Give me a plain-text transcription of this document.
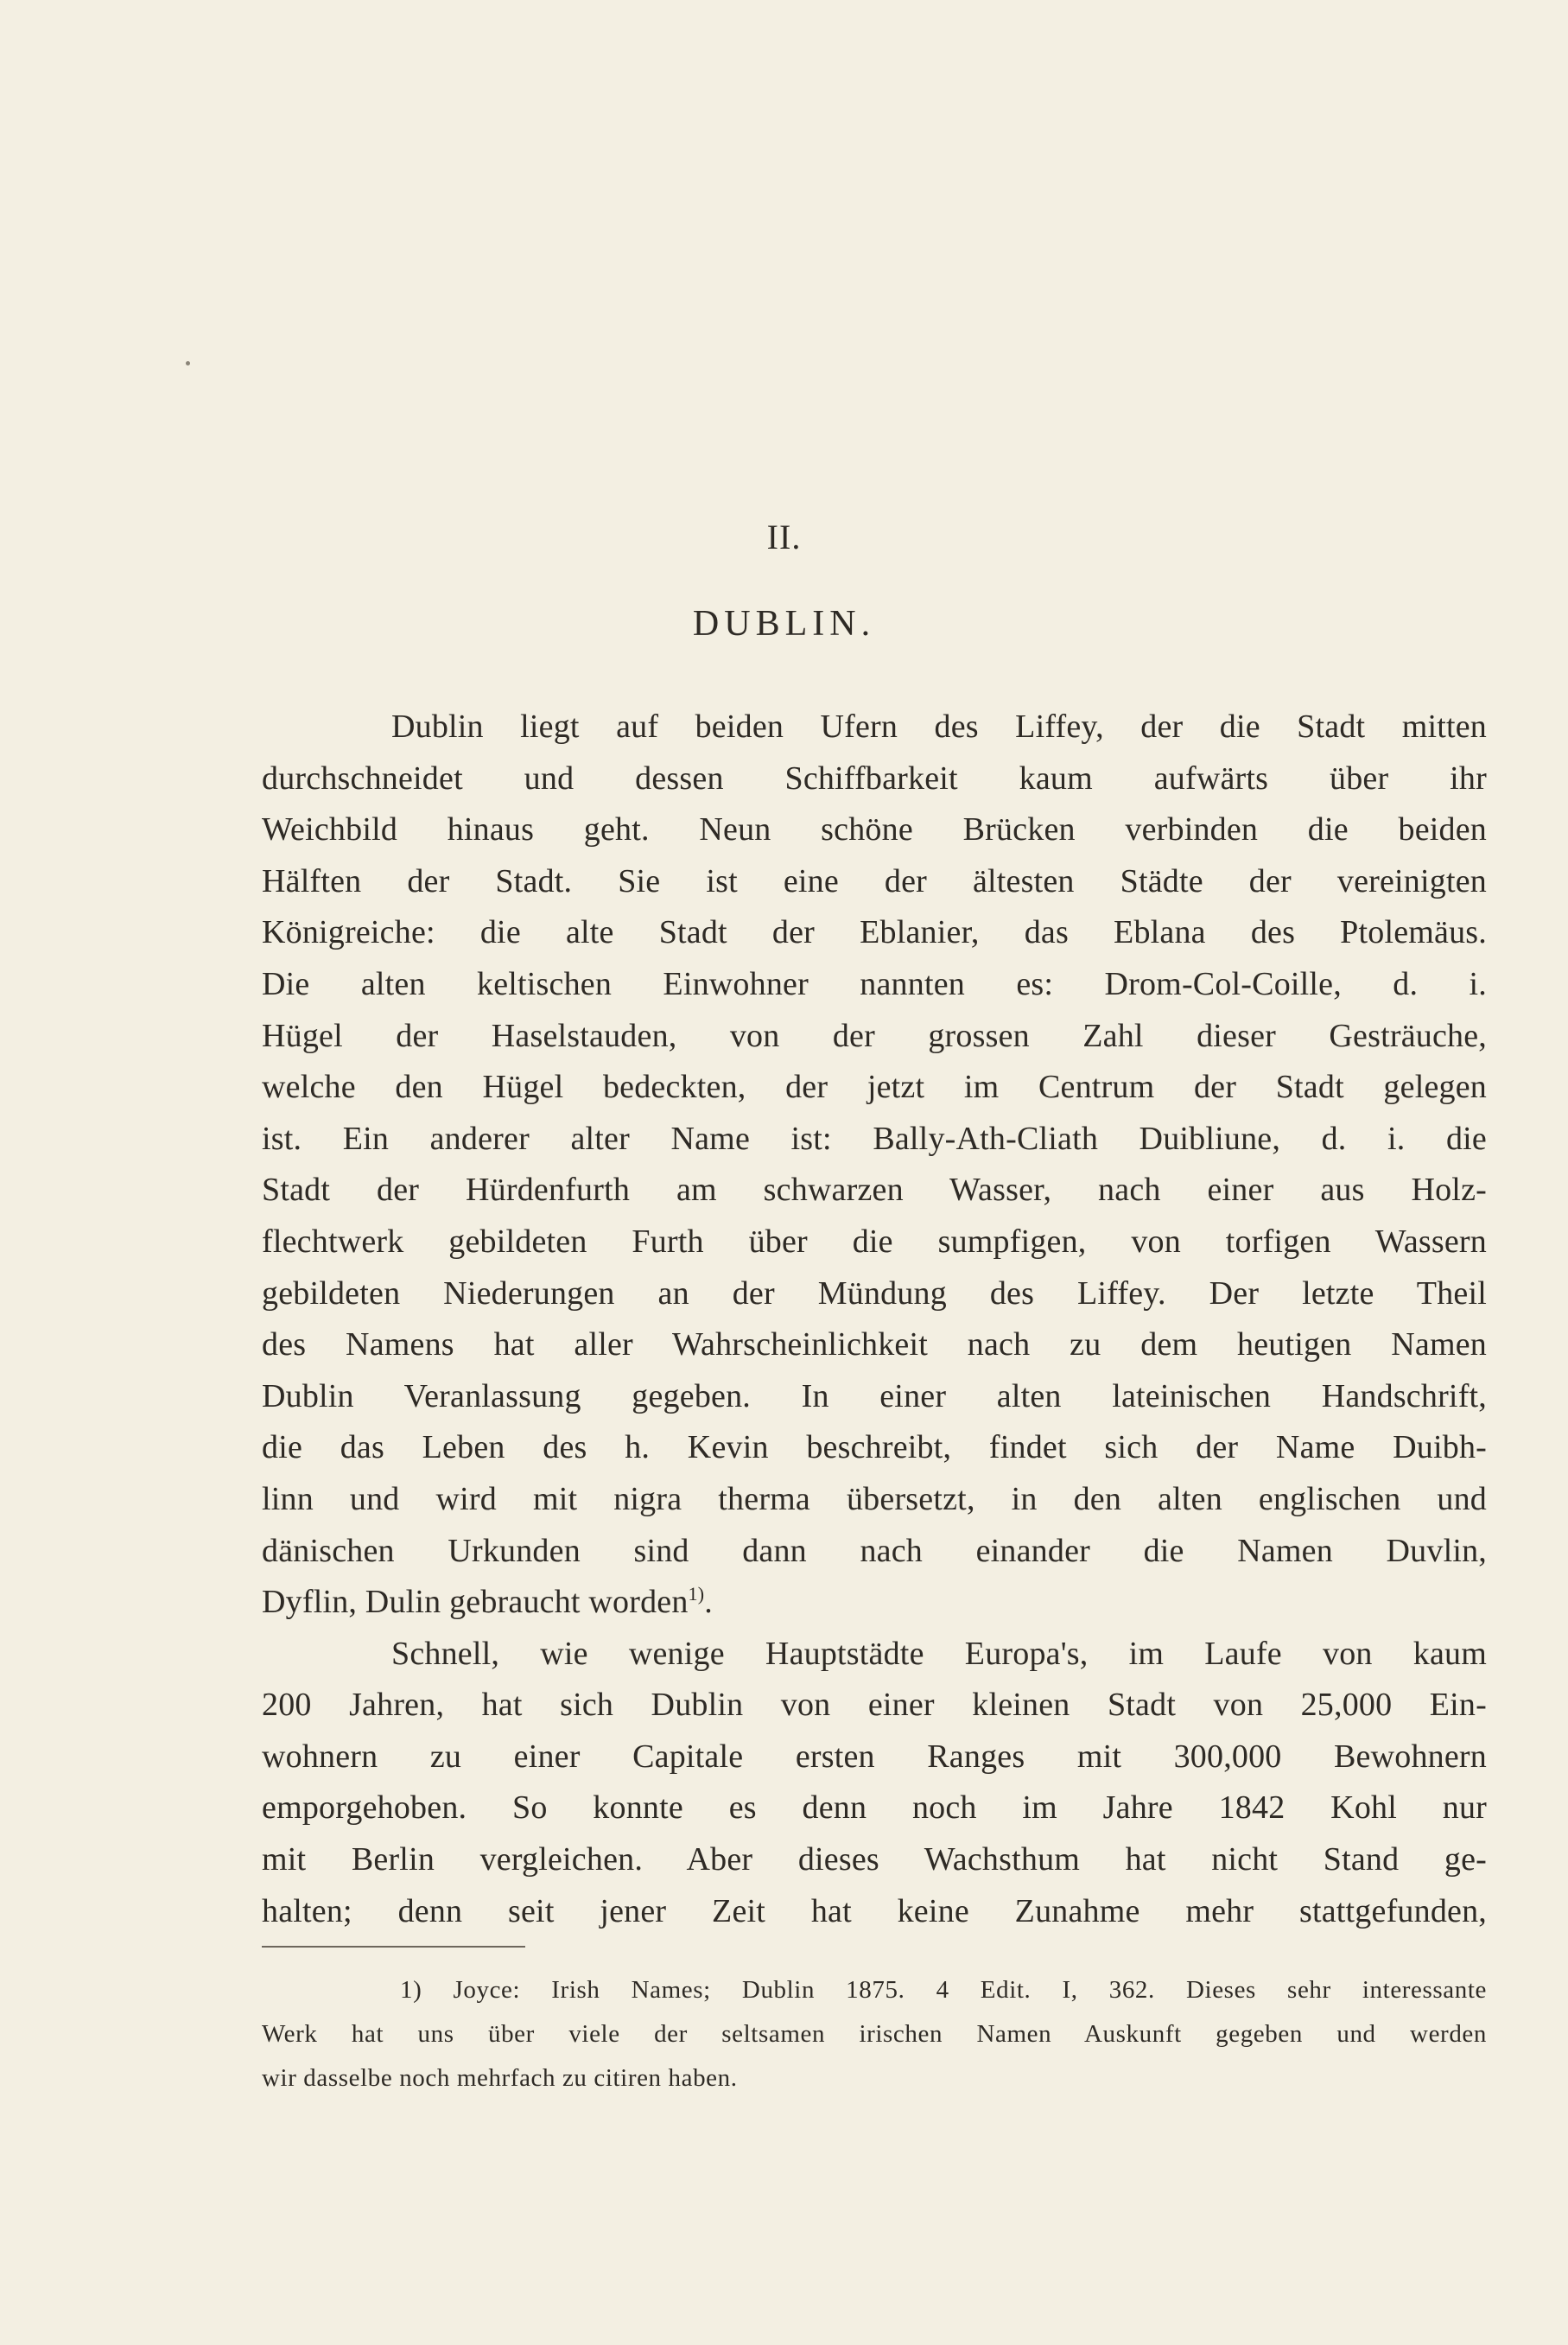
II.
DUBLIN.
Dublin liegt auf beiden Ufern des Liffey, der die Stadt mitten
durchschneidet und dessen Schiffbarkeit kaum aufwärts über ihr
Weichbild hinaus geht. Neun schöne Brücken verbinden die beiden
Hälften der Stadt. Sie ist eine der ältesten Städte der vereinigten
Königreiche: die alte Stadt der Eblanier, das Eblana des Ptolemäus.
Die alten keltischen Einwohner nannten es: Drom-Col-Coille, d. i.
Hügel der Haselstauden, von der grossen Zahl dieser Gesträuche,
welche den Hügel bedeckten, der jetzt im Centrum der Stadt gelegen
ist. Ein anderer alter Name ist: Bally-Ath-Cliath Duibliune, d. i. die
Stadt der Hürdenfurth am schwarzen Wasser, nach einer aus Holz-
flechtwerk gebildeten Furth über die sumpfigen, von torfigen Wassern
gebildeten Niederungen an der Mündung des Liffey. Der letzte Theil
des Namens hat aller Wahrscheinlichkeit nach zu dem heutigen Namen
Dublin Veranlassung gegeben. In einer alten lateinischen Handschrift,
die das Leben des h. Kevin beschreibt, findet sich der Name Duibh-
linn und wird mit nigra therma übersetzt, in den alten englischen und
dänischen Urkunden sind dann nach einander die Namen Duvlin,
Dyflin, Dulin gebraucht worden$^{1)}$.
Schnell, wie wenige Hauptstädte Europa's, im Laufe von kaum
200 Jahren, hat sich Dublin von einer kleinen Stadt von 25,000 Ein-
wohnern zu einer Capitale ersten Ranges mit 300,000 Bewohnern
emporgehoben. So konnte es denn noch im Jahre 1842 Kohl nur
mit Berlin vergleichen. Aber dieses Wachsthum hat nicht Stand ge-
halten; denn seit jener Zeit hat keine Zunahme mehr stattgefunden,
1) Joyce: Irish Names; Dublin 1875. 4 Edit. I, 362. Dieses sehr interessante
Werk hat uns über viele der seltsamen irischen Namen Auskunft gegeben und werden
wir dasselbe noch mehrfach zu citiren haben.
